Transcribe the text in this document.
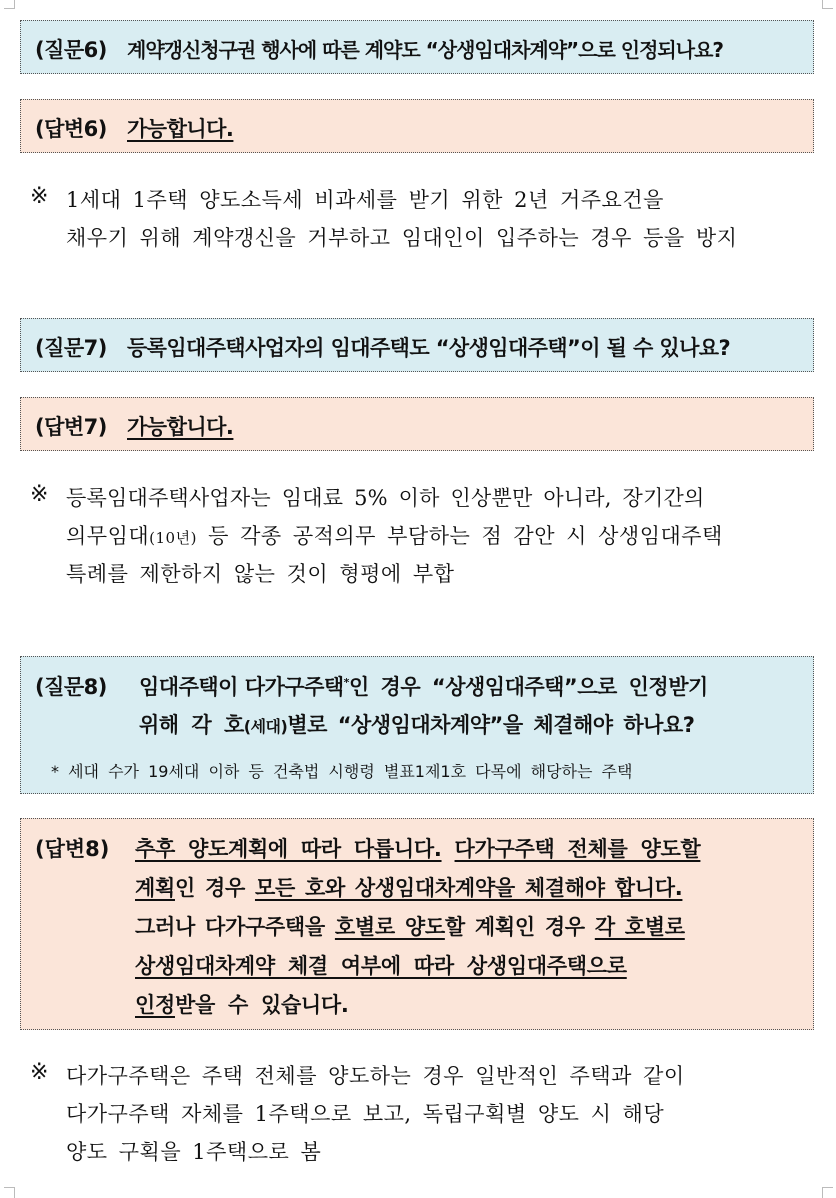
(질문6) 계약갱신청구권 행사에 따른 계약도 “상생임대차계약”으로 인정되나요?
(답변6) 가능합니다.
※ 1세대 1주택 양도소득세 비과세를 받기 위한 2년 거주요건을
채우기 위해 계약갱신을 거부하고 임대인이 입주하는 경우 등을 방지
(질문7) 등록임대주택사업자의 임대주택도 “상생임대주택”이 될 수 있나요?
(답변7) 가능합니다.
※ 등록임대주택사업자는 임대료 5% 이하 인상뿐만 아니라, 장기간의
의무임대(10년) 등 각종 공적의무 부담하는 점 감안 시 상생임대주택
특례를 제한하지 않는 것이 형평에 부합
(질문8) 임대주택이 다가구주택*인 경우 “상생임대주택”으로 인정받기
위해 각 호(세대)별로 “상생임대차계약”을 체결해야 하나요?
* 세대 수가 19세대 이하 등 건축법 시행령 별표1제1호 다목에 해당하는 주택
(답변8) 추후 양도계획에 따라 다릅니다. 다가구주택 전체를 양도할
계획인 경우 모든 호와 상생임대차계약을 체결해야 합니다.
그러나 다가구주택을 호별로 양도할 계획인 경우 각 호별로
상생임대차계약 체결 여부에 따라 상생임대주택으로
인정받을 수 있습니다.
※ 다가구주택은 주택 전체를 양도하는 경우 일반적인 주택과 같이
다가구주택 자체를 1주택으로 보고, 독립구획별 양도 시 해당
양도 구획을 1주택으로 봄
